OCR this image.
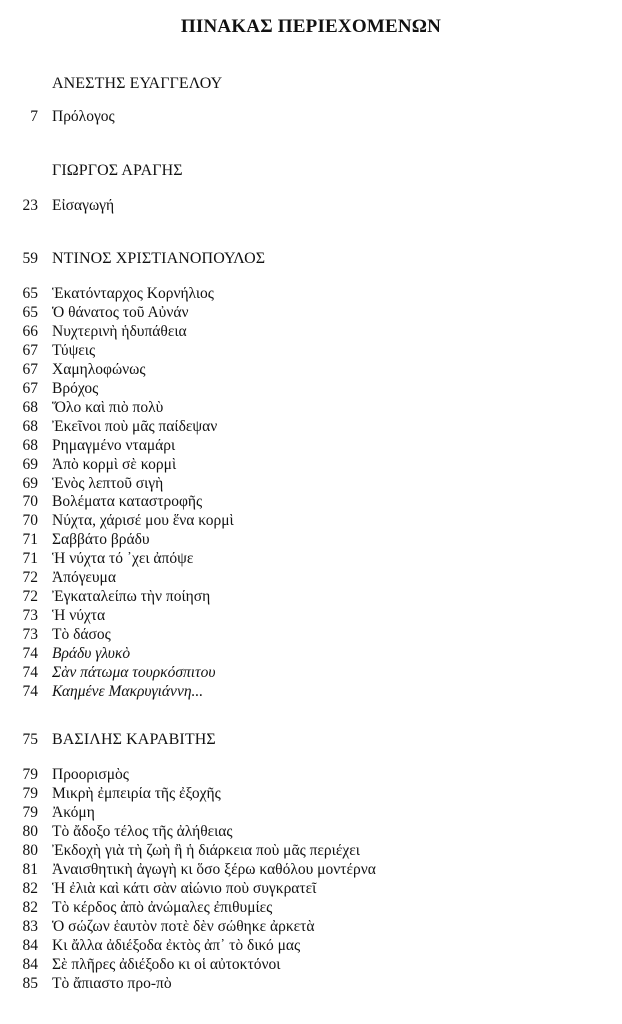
ΠΙΝΑΚΑΣ ΠΕΡΙΕΧΟΜΕΝΩΝ
ΑΝΕΣΤΗΣ ΕΥΑΓΓΕΛΟΥ
7 Πρόλογος
ΓΙΩΡΓΟΣ ΑΡΑΓΗΣ
23 Εἰσαγωγή
59 ΝΤΙΝΟΣ ΧΡΙΣΤΙΑΝΟΠΟΥΛΟΣ
65 Ἑκατόνταρχος Κορνήλιος
65 Ὁ θάνατος τοῦ Αὐνάν
66 Νυχτερινὴ ἡδυπάθεια
67 Τύψεις
67 Χαμηλοφώνως
67 Βρόχος
68 Ὅλο καὶ πιὸ πολὺ
68 Ἐκεῖνοι ποὺ μᾶς παίδεψαν
68 Ρημαγμένο νταμάρι
69 Ἀπὸ κορμὶ σὲ κορμὶ
69 Ἑνὸς λεπτοῦ σιγὴ
70 Βολέματα καταστροφῆς
70 Νύχτα, χάρισέ μου ἕνα κορμὶ
71 Σαββάτο βράδυ
71 Ἡ νύχτα τό ᾽χει ἀπόψε
72 Ἀπόγευμα
72 Ἐγκαταλείπω τὴν ποίηση
73 Ἡ νύχτα
73 Τὸ δάσος
74 Βράδυ γλυκὸ
74 Σὰν πάτωμα τουρκόσπιτου
74 Καημένε Μακρυγιάννη...
75 ΒΑΣΙΛΗΣ ΚΑΡΑΒΙΤΗΣ
79 Προορισμὸς
79 Μικρὴ ἐμπειρία τῆς ἐξοχῆς
79 Ἀκόμη
80 Τὸ ἄδοξο τέλος τῆς ἀλήθειας
80 Ἐκδοχὴ γιὰ τὴ ζωὴ ἢ ἡ διάρκεια ποὺ μᾶς περιέχει
81 Ἀναισθητικὴ ἀγωγὴ κι ὅσο ξέρω καθόλου μοντέρνα
82 Ἡ ἐλιὰ καὶ κάτι σὰν αἰώνιο ποὺ συγκρατεῖ
82 Τὸ κέρδος ἀπὸ ἀνώμαλες ἐπιθυμίες
83 Ὁ σώζων ἑαυτὸν ποτὲ δὲν σώθηκε ἀρκετὰ
84 Κι ἄλλα ἀδιέξοδα ἐκτὸς ἀπ᾽ τὸ δικό μας
84 Σὲ πλῆρες ἀδιέξοδο κι οἱ αὐτοκτόνοι
85 Τὸ ἄπιαστο προ-πὸ
